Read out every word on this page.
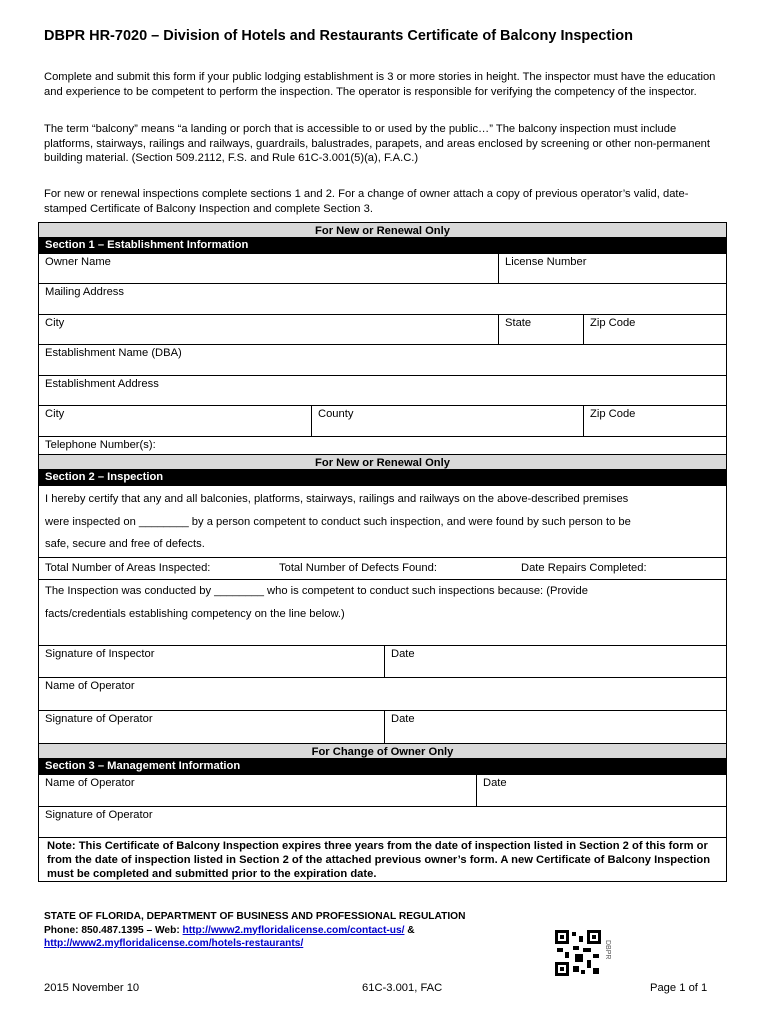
DBPR HR-7020 – Division of Hotels and Restaurants Certificate of Balcony Inspection

Complete and submit this form if your public lodging establishment is 3 or more stories in height. The inspector must have the education and experience to be competent to perform the inspection. The operator is responsible for verifying the competency of the inspector.

The term “balcony” means “a landing or porch that is accessible to or used by the public…” The balcony inspection must include platforms, stairways, railings and railways, guardrails, balustrades, parapets, and areas enclosed by screening or other non-permanent building material. (Section 509.2112, F.S. and Rule 61C-3.001(5)(a), F.A.C.)

For new or renewal inspections complete sections 1 and 2. For a change of owner attach a copy of previous operator’s valid, date-stamped Certificate of Balcony Inspection and complete Section 3.

For New or Renewal Only
Section 1 – Establishment Information
Owner Name	License Number
Mailing Address
City	State	Zip Code
Establishment Name (DBA)
Establishment Address
City	County	Zip Code
Telephone Number(s):
For New or Renewal Only
Section 2 – Inspection
I hereby certify that any and all balconies, platforms, stairways, railings and railways on the above-described premises
were inspected on ________ by a person competent to conduct such inspection, and were found by such person to be
safe, secure and free of defects.
Total Number of Areas Inspected:	Total Number of Defects Found:	Date Repairs Completed:
The Inspection was conducted by ________ who is competent to conduct such inspections because: (Provide
facts/credentials establishing competency on the line below.)
Signature of Inspector	Date
Name of Operator
Signature of Operator	Date
For Change of Owner Only
Section 3 – Management Information
Name of Operator	Date
Signature of Operator
Note: This Certificate of Balcony Inspection expires three years from the date of inspection listed in Section 2 of this form or from the date of inspection listed in Section 2 of the attached previous owner’s form. A new Certificate of Balcony Inspection must be completed and submitted prior to the expiration date.
STATE OF FLORIDA, DEPARTMENT OF BUSINESS AND PROFESSIONAL REGULATION
Phone: 850.487.1395 – Web: http://www2.myfloridalicense.com/contact-us/ &
http://www2.myfloridalicense.com/hotels-restaurants/	DBPR
2015 November 10	61C-3.001, FAC	Page 1 of 1
